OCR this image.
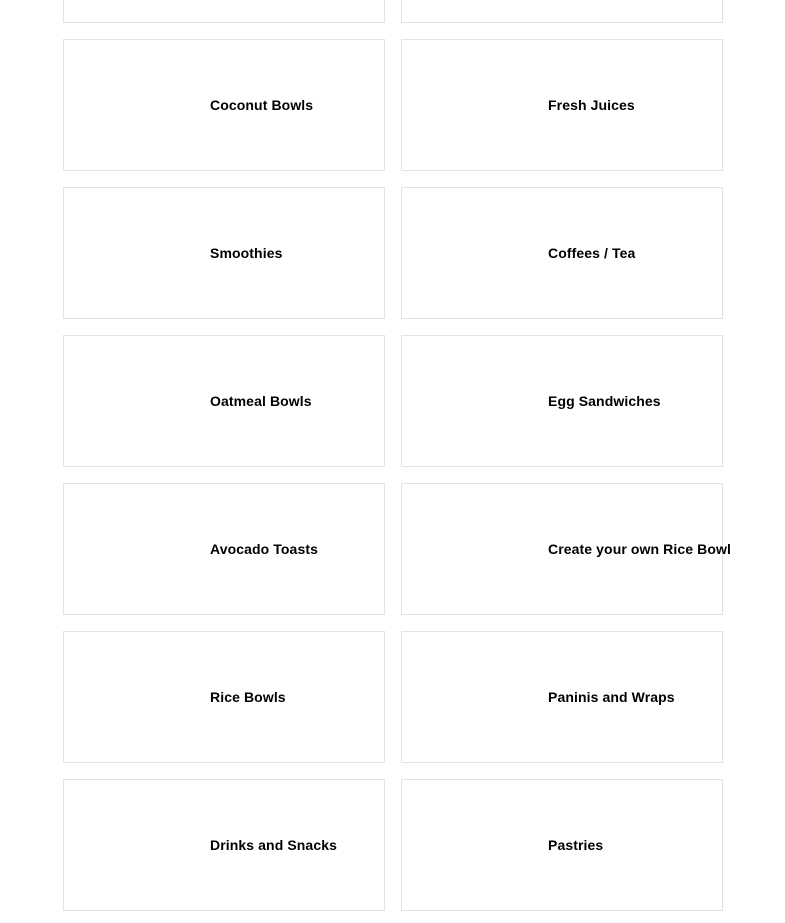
Coconut Bowls	Fresh Juices
Smoothies	Coffees / Tea
Oatmeal Bowls	Egg Sandwiches
Avocado Toasts	Create your own Rice Bowl
Rice Bowls	Paninis and Wraps
Drinks and Snacks	Pastries
